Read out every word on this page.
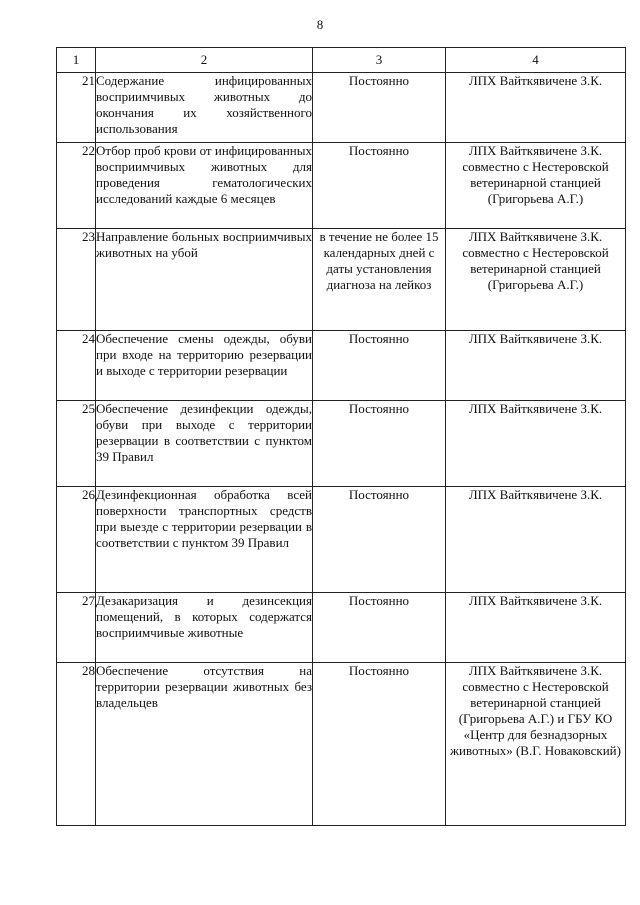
8
1	2	3	4
21	Содержание инфицированных восприимчивых животных до окончания их хозяйственного использования	Постоянно	ЛПХ Вайткявичене З.К.
22	Отбор проб крови от инфицированных восприимчивых животных для проведения гематологических исследований каждые 6 месяцев	Постоянно	ЛПХ Вайткявичене З.К. совместно с Нестеровской ветеринарной станцией (Григорьева А.Г.)
23	Направление больных восприимчивых животных на убой	в течение не более 15 календарных дней с даты установления диагноза на лейкоз	ЛПХ Вайткявичене З.К. совместно с Нестеровской ветеринарной станцией (Григорьева А.Г.)
24	Обеспечение смены одежды, обуви при входе на территорию резервации и выходе с территории резервации	Постоянно	ЛПХ Вайткявичене З.К.
25	Обеспечение дезинфекции одежды, обуви при выходе с территории резервации в соответствии с пунктом 39 Правил	Постоянно	ЛПХ Вайткявичене З.К.
26	Дезинфекционная обработка всей поверхности транспортных средств при выезде с территории резервации в соответствии с пунктом 39 Правил	Постоянно	ЛПХ Вайткявичене З.К.
27	Дезакаризация и дезинсекция помещений, в которых содержатся восприимчивые животные	Постоянно	ЛПХ Вайткявичене З.К.
28	Обеспечение отсутствия на территории резервации животных без владельцев	Постоянно	ЛПХ Вайткявичене З.К. совместно с Нестеровской ветеринарной станцией (Григорьева А.Г.) и ГБУ КО «Центр для безнадзорных животных» (В.Г. Новаковский)
